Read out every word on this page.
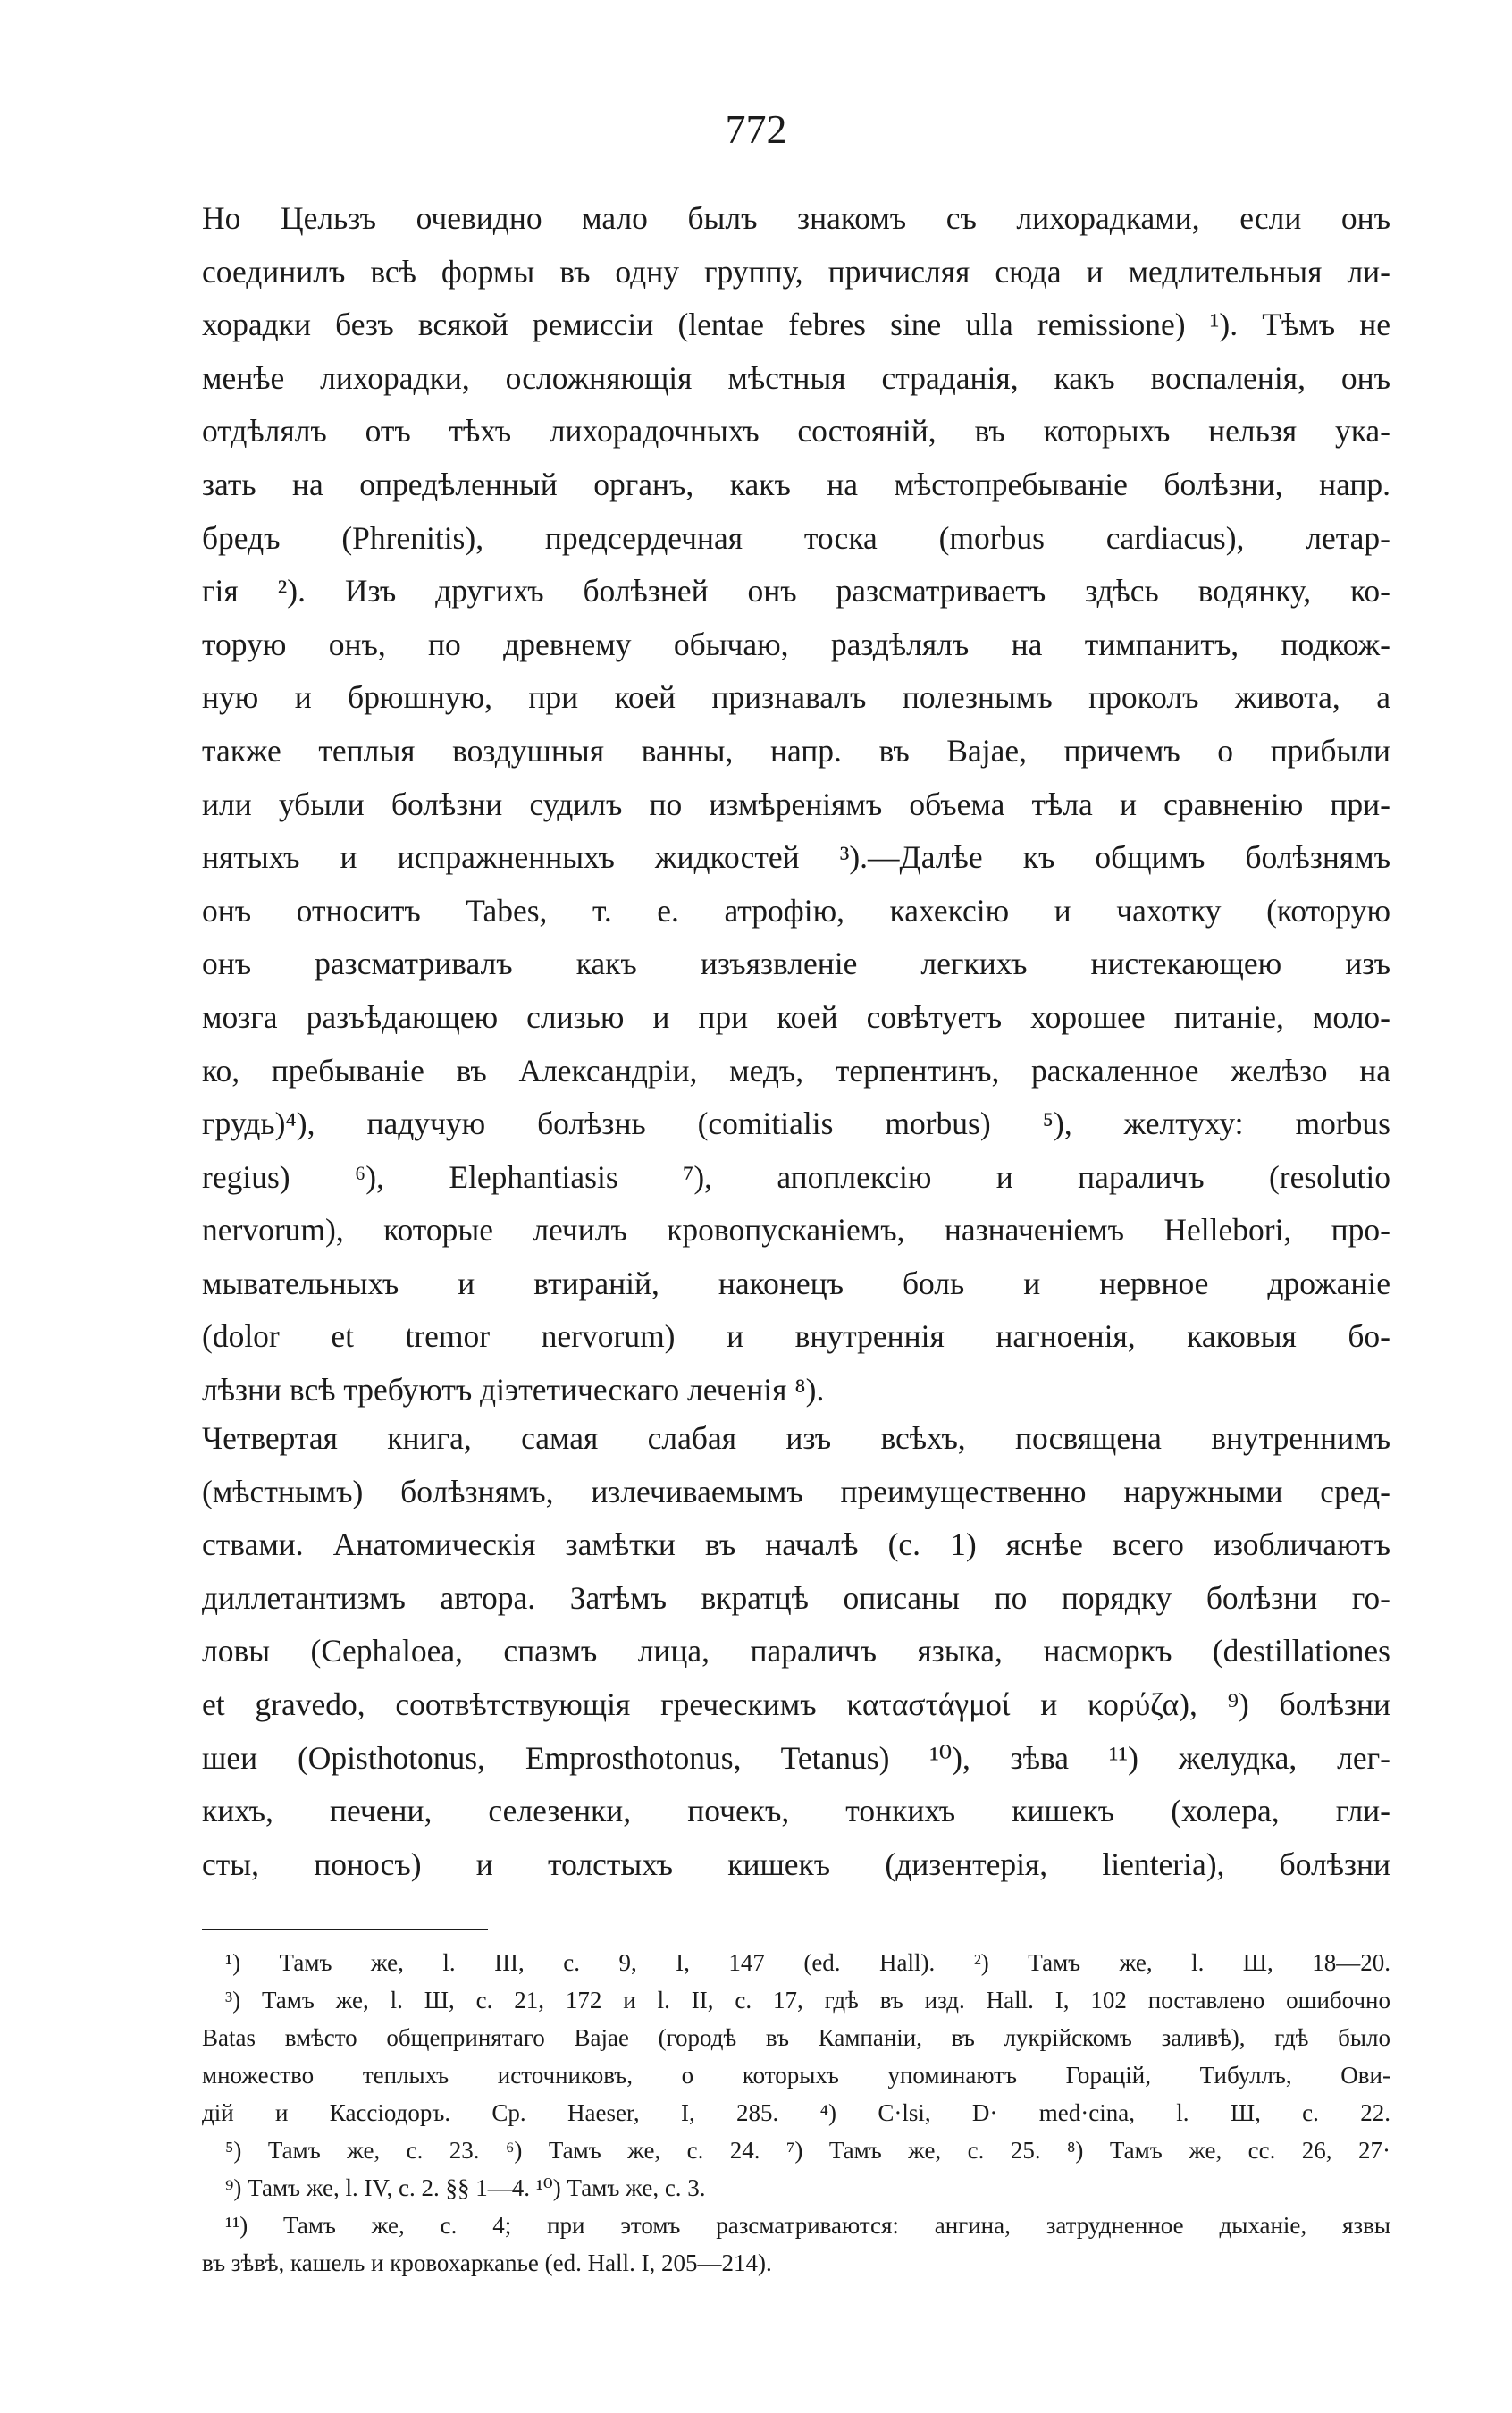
772

Но Цельзъ очевидно мало былъ знакомъ съ лихорадками, если онъ
соединилъ всѣ формы въ одну группу, причисляя сюда и медлительныя ли-
хорадки безъ всякой ремиссіи (lentae febres sine ulla remissione) ¹). Тѣмъ не
менѣе лихорадки, осложняющія мѣстныя страданія, какъ воспаленія, онъ
отдѣлялъ отъ тѣхъ лихорадочныхъ состояній, въ которыхъ нельзя ука-
зать на опредѣленный органъ, какъ на мѣстопребываніе болѣзни, напр.
бредъ (Phrenitis), предсердечная тоска (morbus cardiacus), летар-
гія ²). Изъ другихъ болѣзней онъ разсматриваетъ здѣсь водянку, ко-
торую онъ, по древнему обычаю, раздѣлялъ на тимпанитъ, подкож-
ную и брюшную, при коей признавалъ полезнымъ проколъ живота, а
также теплыя воздушныя ванны, напр. въ Bajae, причемъ о прибыли
или убыли болѣзни судилъ по измѣреніямъ объема тѣла и сравненію при-
нятыхъ и испражненныхъ жидкостей ³).—Далѣе къ общимъ болѣзнямъ
онъ относитъ Tabes, т. е. атрофію, кахексію и чахотку (которую
онъ разсматривалъ какъ изъязвленіе легкихъ нистекающею изъ
мозга разъѣдающею слизью и при коей совѣтуетъ хорошее питаніе, моло-
ко, пребываніе въ Александріи, медъ, терпентинъ, раскаленное желѣзо на
грудь)⁴), падучую болѣзнь (comitialis morbus) ⁵), желтуху: morbus
regius) ⁶), Elephantiasis ⁷), апоплексію и параличъ (resolutio
nervorum), которые лечилъ кровопусканіемъ, назначеніемъ Hellebori, про-
мывательныхъ и втираній, наконецъ боль и нервное дрожаніе
(dolor et tremor nervorum) и внутреннія нагноенія, каковыя бо-
лѣзни всѣ требуютъ діэтетическаго леченія ⁸).

Четвертая книга, самая слабая изъ всѣхъ, посвящена внутреннимъ
(мѣстнымъ) болѣзнямъ, излечиваемымъ преимущественно наружными сред-
ствами. Анатомическія замѣтки въ началѣ (с. 1) яснѣе всего изобличаютъ
диллетантизмъ автора. Затѣмъ вкратцѣ описаны по порядку болѣзни го-
ловы (Cephaloea, спазмъ лица, параличъ языка, насморкъ (destillationes
et gravedo, соотвѣтствующія греческимъ καταστάγμοί и κορύζα), ⁹) болѣзни
шеи (Opisthotonus, Emprosthotonus, Tetanus) ¹⁰), зѣва ¹¹) желудка, лег-
кихъ, печени, селезенки, почекъ, тонкихъ кишекъ (холера, гли-
сты, поносъ) и толстыхъ кишекъ (дизентерія, lienteria), болѣзни

¹) Тамъ же, l. III, с. 9, I, 147 (ed. Hall). ²) Тамъ же, l. Ш, 18—20.
³) Тамъ же, l. Ш, с. 21, 172 и l. II, с. 17, гдѣ въ изд. Hall. I, 102 поставлено ошибочно
Batas вмѣсто общепринятаго Bajae (городѣ въ Кампаніи, въ лукрійскомъ заливѣ), гдѣ было
множество теплыхъ источниковъ, о которыхъ упоминаютъ Горацій, Тибуллъ, Ови-
дій и Кассіодоръ. Ср. Haeser, I, 285. ⁴) C·lsi, D· med·cina, l. Ш, с. 22.
⁵) Тамъ же, с. 23. ⁶) Тамъ же, с. 24. ⁷) Тамъ же, с. 25. ⁸) Тамъ же, сс. 26, 27·
⁹) Тамъ же, l. IV, с. 2. §§ 1—4. ¹⁰) Тамъ же, с. 3.
¹¹) Тамъ же, с. 4; при этомъ разсматриваются: ангина, затрудненное дыханіе, язвы
въ зѣвѣ, кашель и кровохаркаnье (ed. Hall. I, 205—214).
